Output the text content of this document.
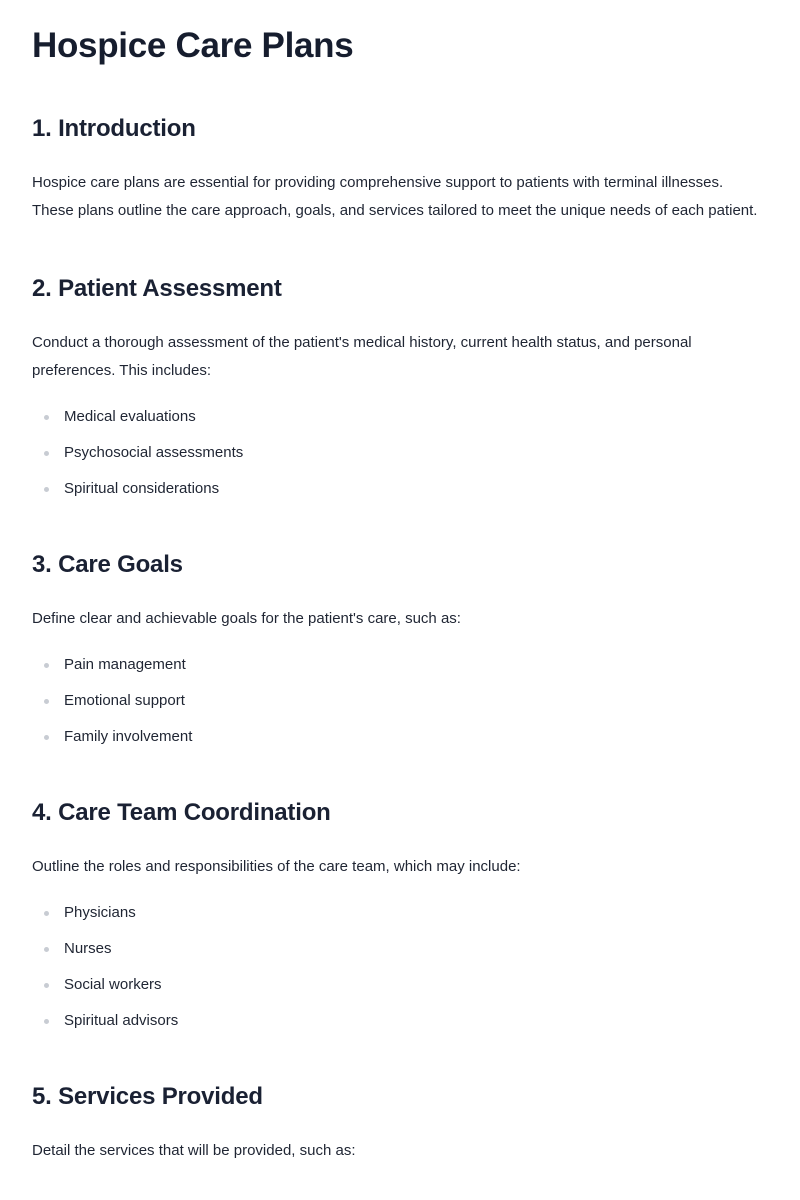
Hospice Care Plans
1. Introduction

Hospice care plans are essential for providing comprehensive support to patients with terminal illnesses. These plans outline the care approach, goals, and services tailored to meet the unique needs of each patient.

2. Patient Assessment

Conduct a thorough assessment of the patient's medical history, current health status, and personal preferences. This includes:

Medical evaluations
Psychosocial assessments
Spiritual considerations
3. Care Goals

Define clear and achievable goals for the patient's care, such as:

Pain management
Emotional support
Family involvement
4. Care Team Coordination

Outline the roles and responsibilities of the care team, which may include:

Physicians
Nurses
Social workers
Spiritual advisors
5. Services Provided

Detail the services that will be provided, such as:
